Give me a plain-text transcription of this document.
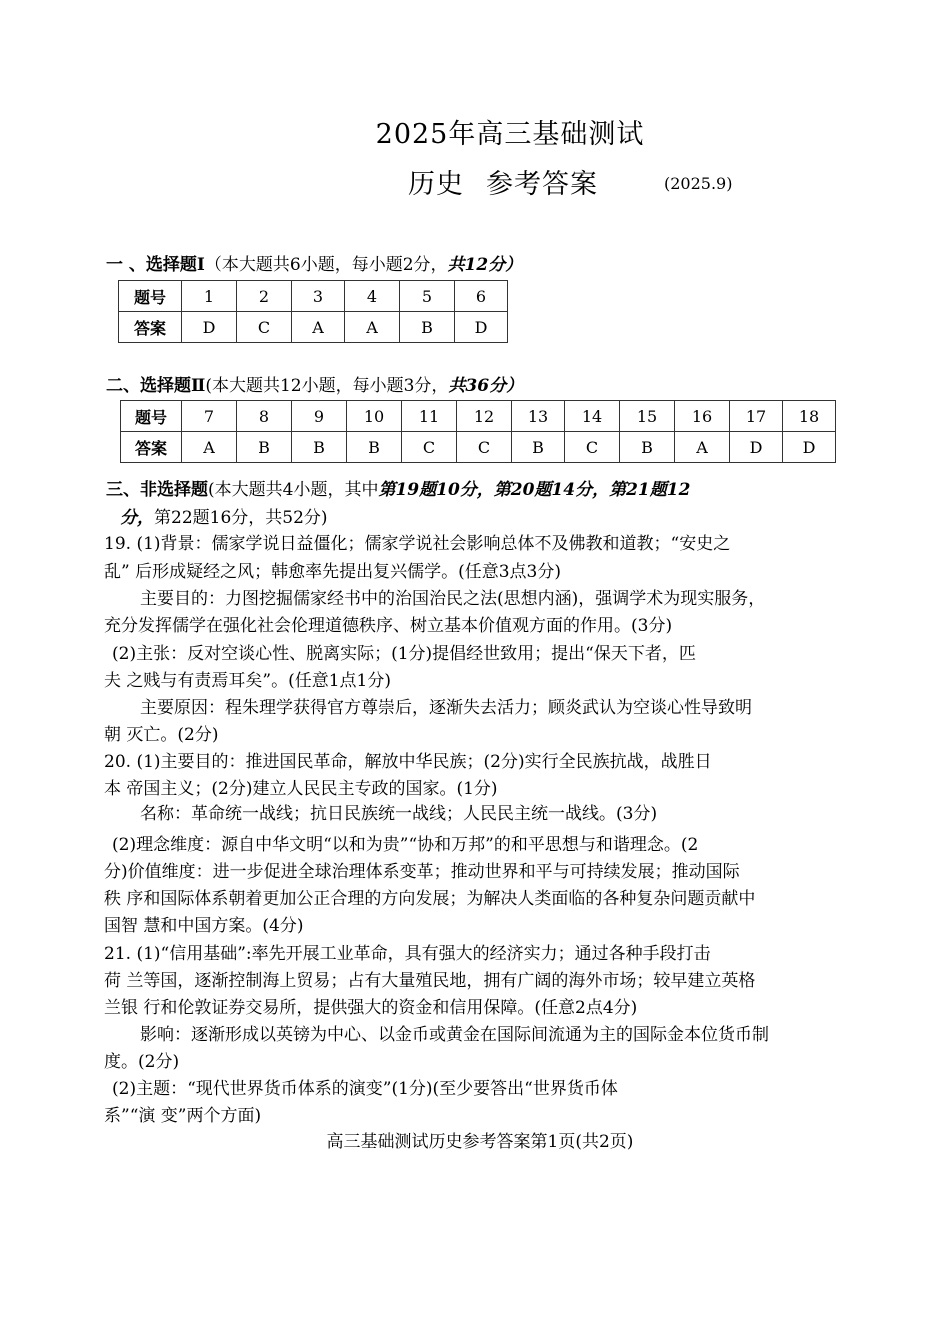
2025年高三基础测试
历史 参考答案	(2025.9)
一 、选择题Ⅰ（本大题共6小题，每小题2分，共12分）
题号	1	2	3	4	5	6
答案	D	C	A	A	B	D
二、选择题Ⅱ(本大题共12小题，每小题3分，共36分）
题号	7	8	9	10	11	12	13	14	15	16	17	18
答案	A	B	B	B	C	C	B	C	B	A	D	D
三、非选择题(本大题共4小题，其中第19题10分，第20题14分，第21题12
分，第22题16分，共52分)
19. (1)背景：儒家学说日益僵化；儒家学说社会影响总体不及佛教和道教；“安史之
乱” 后形成疑经之风；韩愈率先提出复兴儒学。(任意3点3分)
主要目的：力图挖掘儒家经书中的治国治民之法(思想内涵)，强调学术为现实服务，
充分发挥儒学在强化社会伦理道德秩序、树立基本价值观方面的作用。(3分)
(2)主张：反对空谈心性、脱离实际；(1分)提倡经世致用；提出“保天下者，匹
夫 之贱与有责焉耳矣”。(任意1点1分)
主要原因：程朱理学获得官方尊崇后，逐渐失去活力；顾炎武认为空谈心性导致明
朝 灭亡。(2分)
20. (1)主要目的：推进国民革命，解放中华民族；(2分)实行全民族抗战，战胜日
本 帝国主义；(2分)建立人民民主专政的国家。(1分)
名称：革命统一战线；抗日民族统一战线；人民民主统一战线。(3分)
(2)理念维度：源自中华文明“以和为贵”“协和万邦”的和平思想与和谐理念。(2
分)价值维度：进一步促进全球治理体系变革；推动世界和平与可持续发展；推动国际
秩 序和国际体系朝着更加公正合理的方向发展；为解决人类面临的各种复杂问题贡献中
国智 慧和中国方案。(4分)
21. (1)“信用基础”:率先开展工业革命，具有强大的经济实力；通过各种手段打击
荷 兰等国，逐渐控制海上贸易；占有大量殖民地，拥有广阔的海外市场；较早建立英格
兰银 行和伦敦证券交易所，提供强大的资金和信用保障。(任意2点4分)
影响：逐渐形成以英镑为中心、以金币或黄金在国际间流通为主的国际金本位货币制
度。(2分)
(2)主题：“现代世界货币体系的演变”(1分)(至少要答出“世界货币体
系”“演 变”两个方面)
高三基础测试历史参考答案第1页(共2页)
